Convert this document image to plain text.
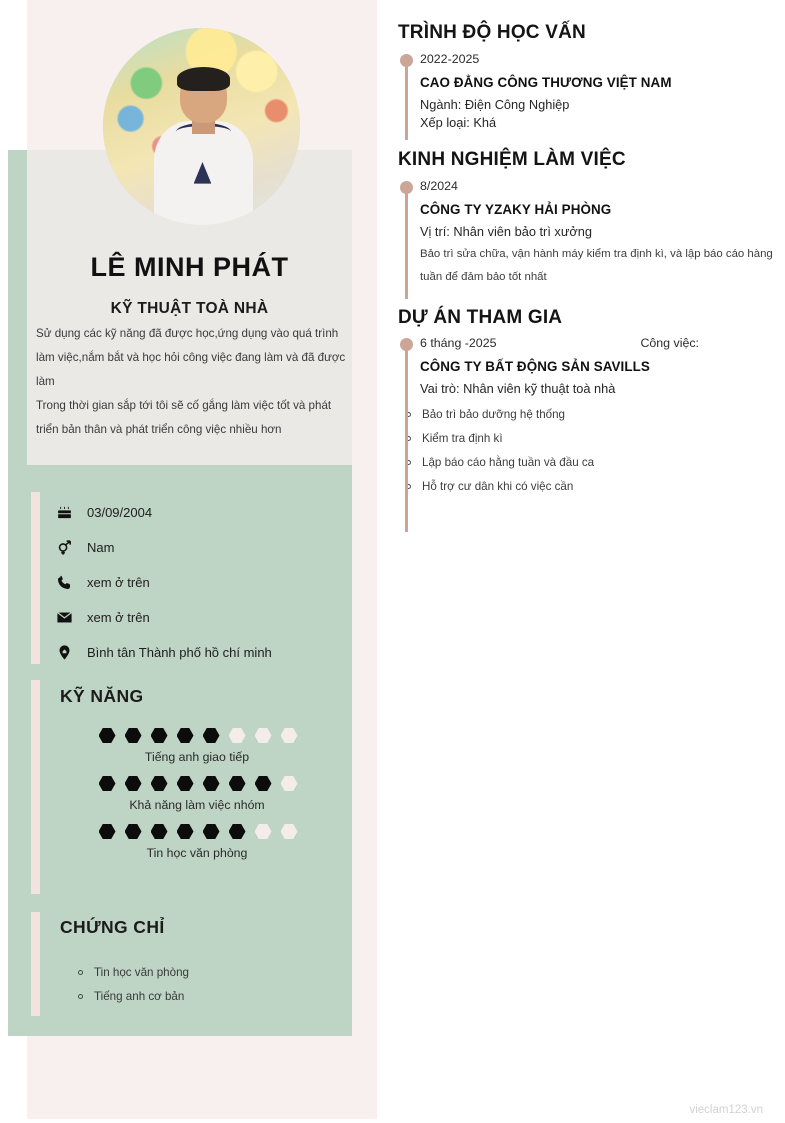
LÊ MINH PHÁT
KỸ THUẬT TOÀ NHÀ

Sử dụng các kỹ năng đã được học,ứng dụng vào quá trình làm việc,nắm bắt và học hỏi công việc đang làm và đã được làm

Trong thời gian sắp tới tôi sẽ cố gắng làm việc tốt và phát triển bản thân và phát triển công việc nhiều hơn

03/09/2004
Nam
xem ở trên
xem ở trên
Bình tân Thành phố hồ chí minh
KỸ NĂNG
Tiếng anh giao tiếp
Khả năng làm việc nhóm
Tin học văn phòng
CHỨNG CHỈ
Tin học văn phòng
Tiếng anh cơ bản
TRÌNH ĐỘ HỌC VẤN
2022-2025
CAO ĐẲNG CÔNG THƯƠNG VIỆT NAM
Ngành: Điện Công Nghiệp
Xếp loại: Khá
KINH NGHIỆM LÀM VIỆC
8/2024
CÔNG TY YZAKY HẢI PHÒNG
Vị trí: Nhân viên bảo trì xưởng
Bảo trì sửa chữa, vận hành máy kiểm tra định kì, và lập báo cáo hàng tuần để đảm bảo tốt nhất
DỰ ÁN THAM GIA
6 tháng -2025	Công việc:
CÔNG TY BẤT ĐỘNG SẢN SAVILLS
Vai trò: Nhân viên kỹ thuật toà nhà
Bảo trì bảo dưỡng hệ thống
Kiểm tra định kì
Lập báo cáo hằng tuần và đầu ca
Hỗ trợ cư dân khi có việc cần
vieclam123.vn
